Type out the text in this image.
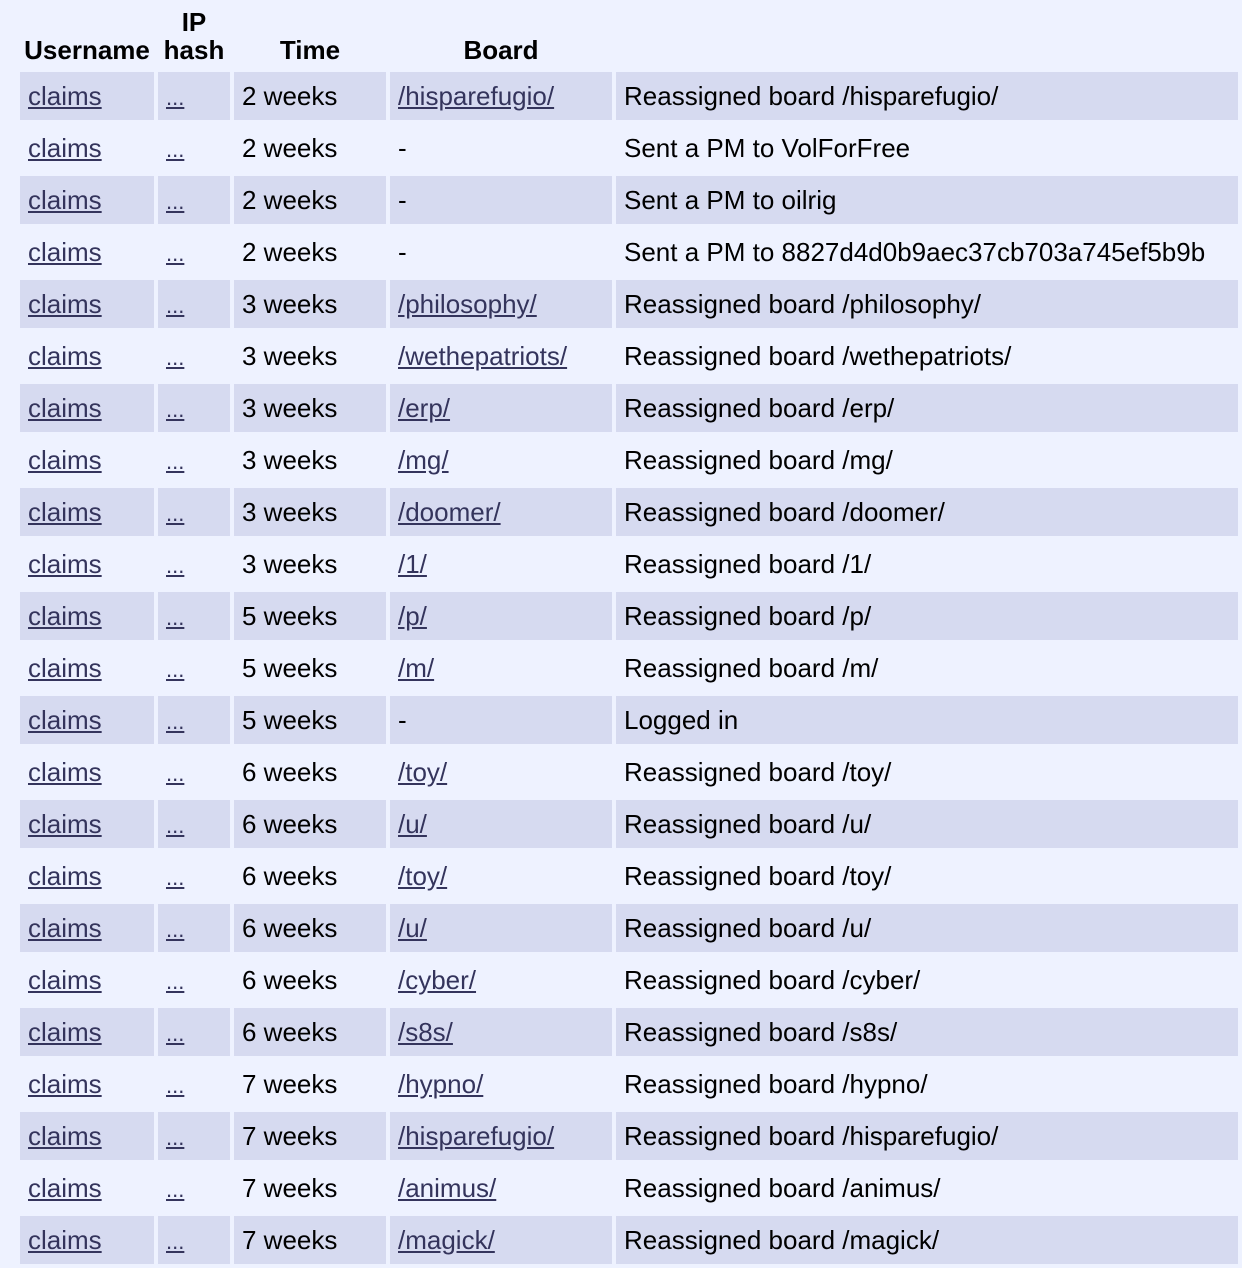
Username	IP hash	Time	Board	
claims	...	2 weeks	/hisparefugio/	Reassigned board /hisparefugio/
claims	...	2 weeks	-	Sent a PM to VolForFree
claims	...	2 weeks	-	Sent a PM to oilrig
claims	...	2 weeks	-	Sent a PM to 8827d4d0b9aec37cb703a745ef5b9b
claims	...	3 weeks	/philosophy/	Reassigned board /philosophy/
claims	...	3 weeks	/wethepatriots/	Reassigned board /wethepatriots/
claims	...	3 weeks	/erp/	Reassigned board /erp/
claims	...	3 weeks	/mg/	Reassigned board /mg/
claims	...	3 weeks	/doomer/	Reassigned board /doomer/
claims	...	3 weeks	/1/	Reassigned board /1/
claims	...	5 weeks	/p/	Reassigned board /p/
claims	...	5 weeks	/m/	Reassigned board /m/
claims	...	5 weeks	-	Logged in
claims	...	6 weeks	/toy/	Reassigned board /toy/
claims	...	6 weeks	/u/	Reassigned board /u/
claims	...	6 weeks	/toy/	Reassigned board /toy/
claims	...	6 weeks	/u/	Reassigned board /u/
claims	...	6 weeks	/cyber/	Reassigned board /cyber/
claims	...	6 weeks	/s8s/	Reassigned board /s8s/
claims	...	7 weeks	/hypno/	Reassigned board /hypno/
claims	...	7 weeks	/hisparefugio/	Reassigned board /hisparefugio/
claims	...	7 weeks	/animus/	Reassigned board /animus/
claims	...	7 weeks	/magick/	Reassigned board /magick/
